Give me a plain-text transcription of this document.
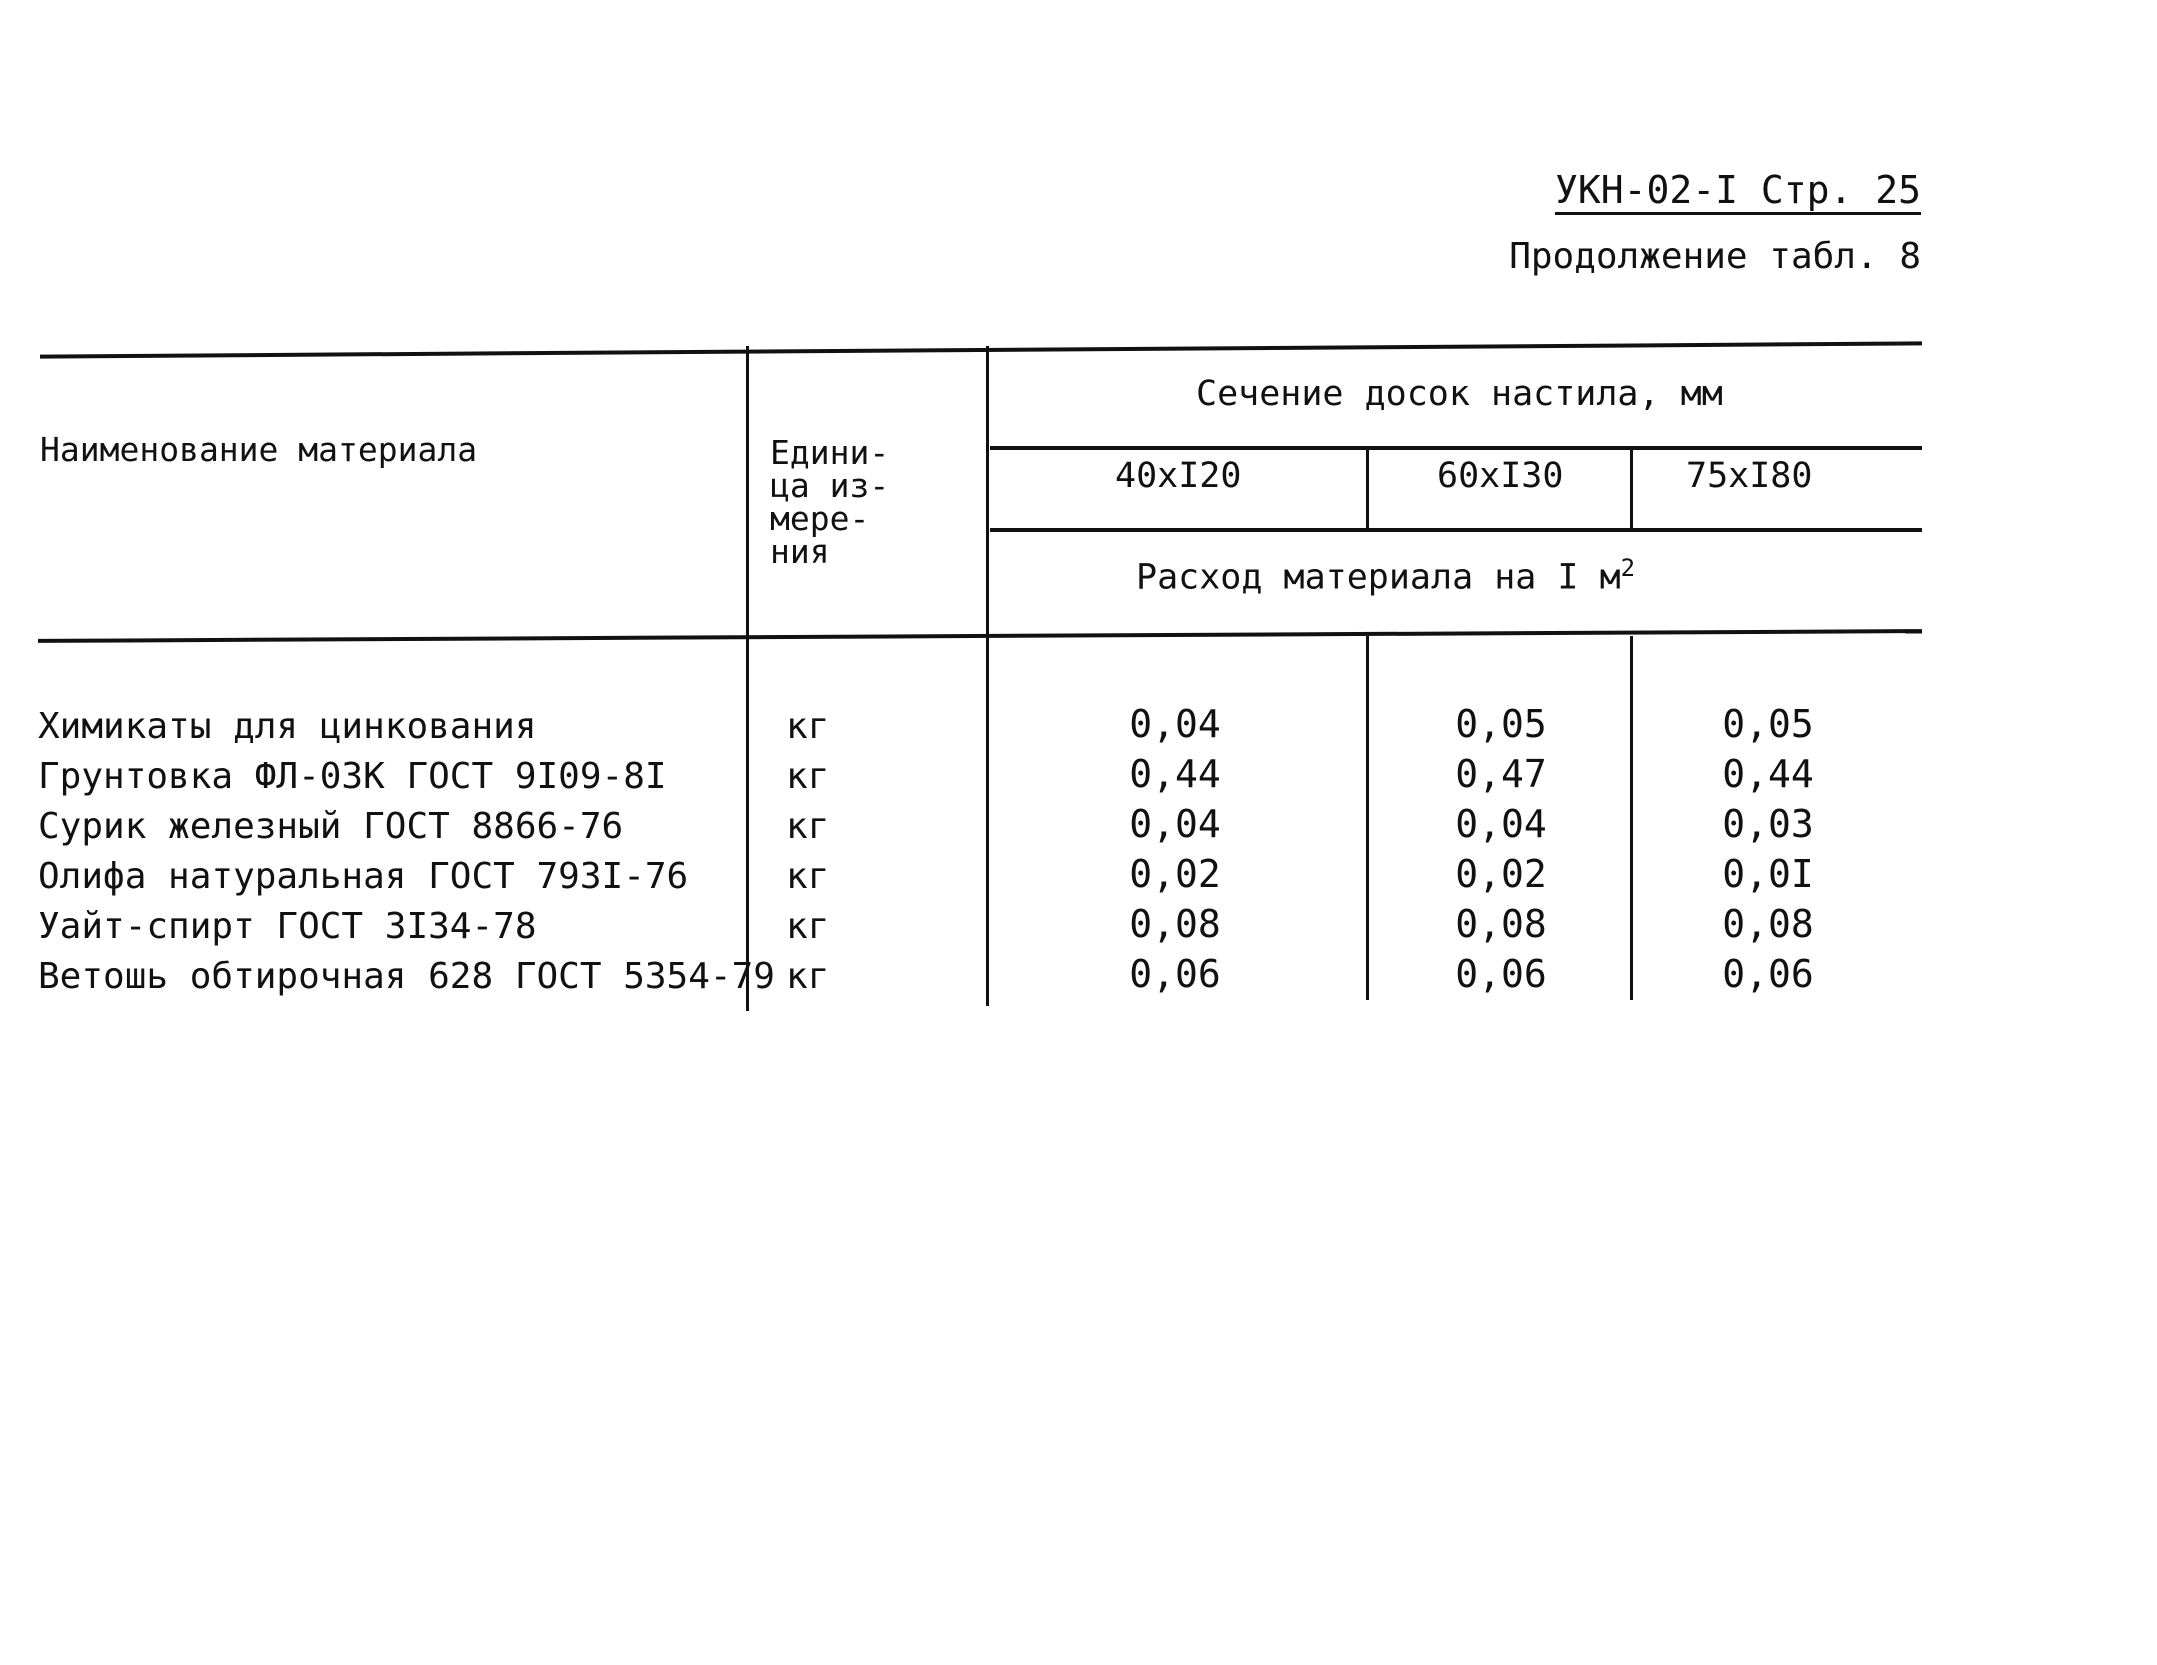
УКН-02-I Стр. 25
Продолжение табл. 8
Наименование материала	Едини-
ца из-
мере-
ния
Сечение досок настила, мм
40хI20	60хI30	75хI80
Расход материала на I $м^2$
Химикаты для цинкования	кг	0,04	0,05	0,05
Грунтовка ФЛ-03К ГОСТ 9I09-8I	кг	0,44	0,47	0,44
Сурик железный ГОСТ 8866-76	кг	0,04	0,04	0,03
Олифа натуральная ГОСТ 793I-76	кг	0,02	0,02	0,0I
Уайт-спирт ГОСТ 3I34-78	кг	0,08	0,08	0,08
Ветошь обтирочная 628 ГОСТ 5354-79 кг	0,06	0,06	0,06
